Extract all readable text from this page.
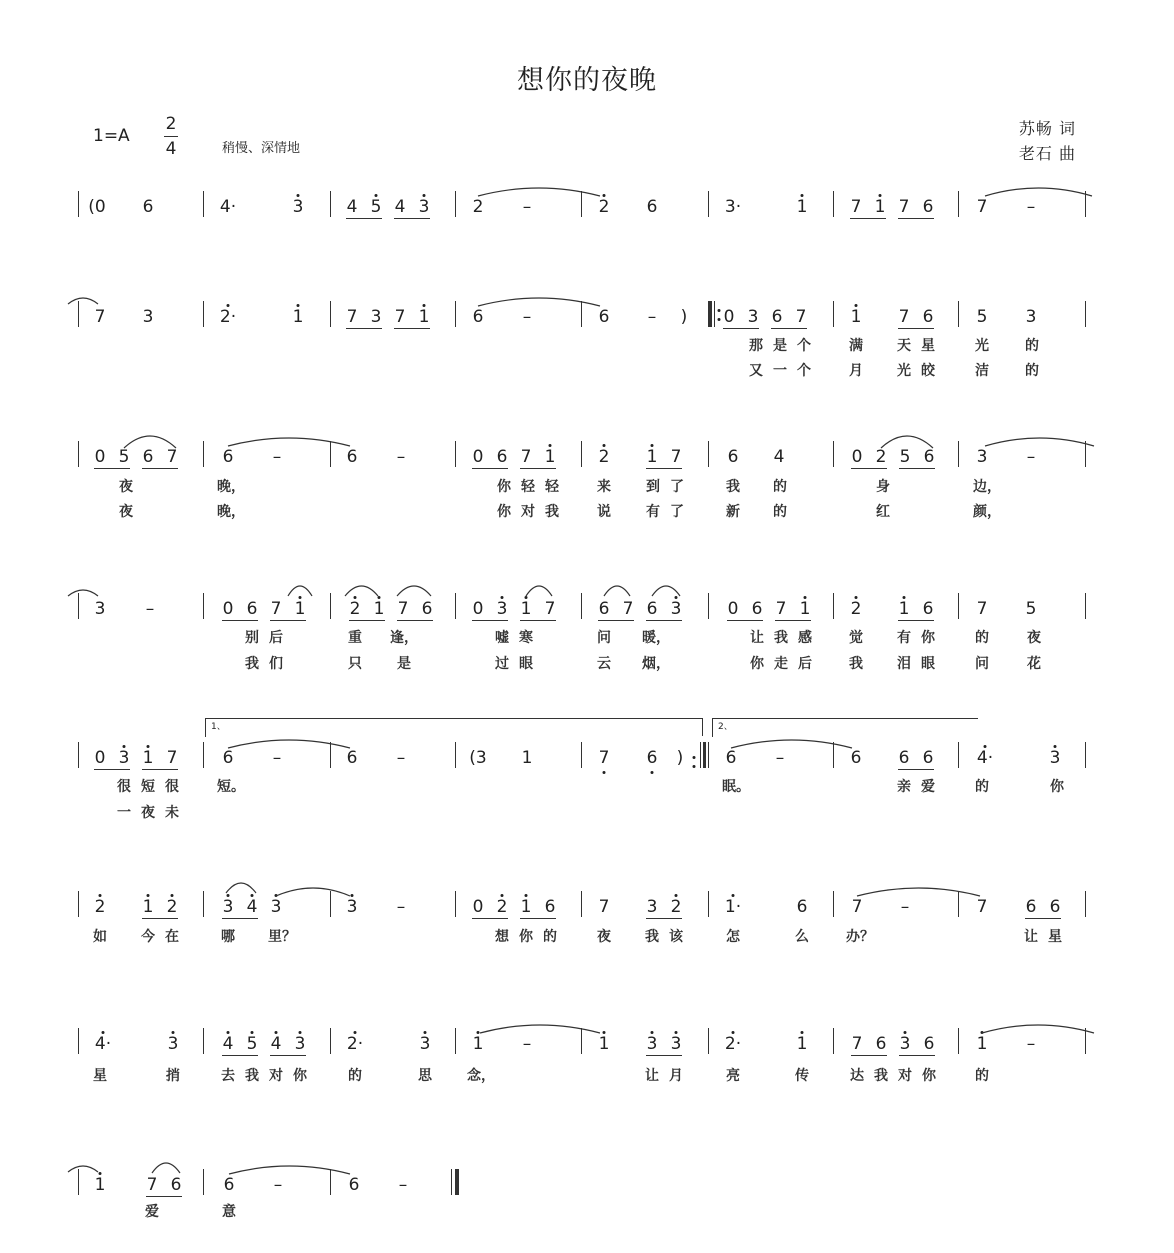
想你的夜晚
1=A
2
4	稍慢、深情地
苏畅 词
老石 曲
1、	2、
(0 6	4·	3	4 5 4 3	2 –	2 6	3·	1	7 1 7 6	7 –
7 3	2·	1	7 3 7 1	6 –	6 – ) 0 3 6 7	1 7 6	5 3
0 5 6 7	6 –	6 –	0 6 7 1	2 1 7	6 4	0 2 5 6 3 –
3 –	0 6 7 1	2 1 7 6 0 3 1 7	6 7 6 3	0 6 7 1 2 1 6	7 5
0 3 1 7	6 –	6 –	(3 1	7 6 ) 6 –	6 6 6	4·	3
2 1 2	3 4 3	3 –	0 2 1 6	7 3 2	1·	6	7 –	7 6 6
4·	3	4 5 4 3 2·	3 1 –	1 3 3	2·	1	7 6 3 6 1 –
1 7 6 6 –	6 –
那 是 个	满 天 星	光	的
又 一 个	月 光 皎	洁	的
夜	晚，	你 轻 轻	来	到 了	我 的	身	边，
夜	晚，	你 对 我	说	有 了	新 的	红	颜，
别 后	重 逢，	嘘 寒	问 暖，	让 我 感	觉 有 你	的	夜
我 们	只	是	过 眼	云 烟，	你 走 后	我 泪 眼	问	花
很 短 很	短。	眠。	亲 爱	的	你
一 夜 未
如 今 在	哪 里？	想 你 的	夜 我 该	怎	么	办？	让 星
星	捎	去 我 对 你	的	思	念，	让 月	亮	传	达 我 对 你	的
爱	意
